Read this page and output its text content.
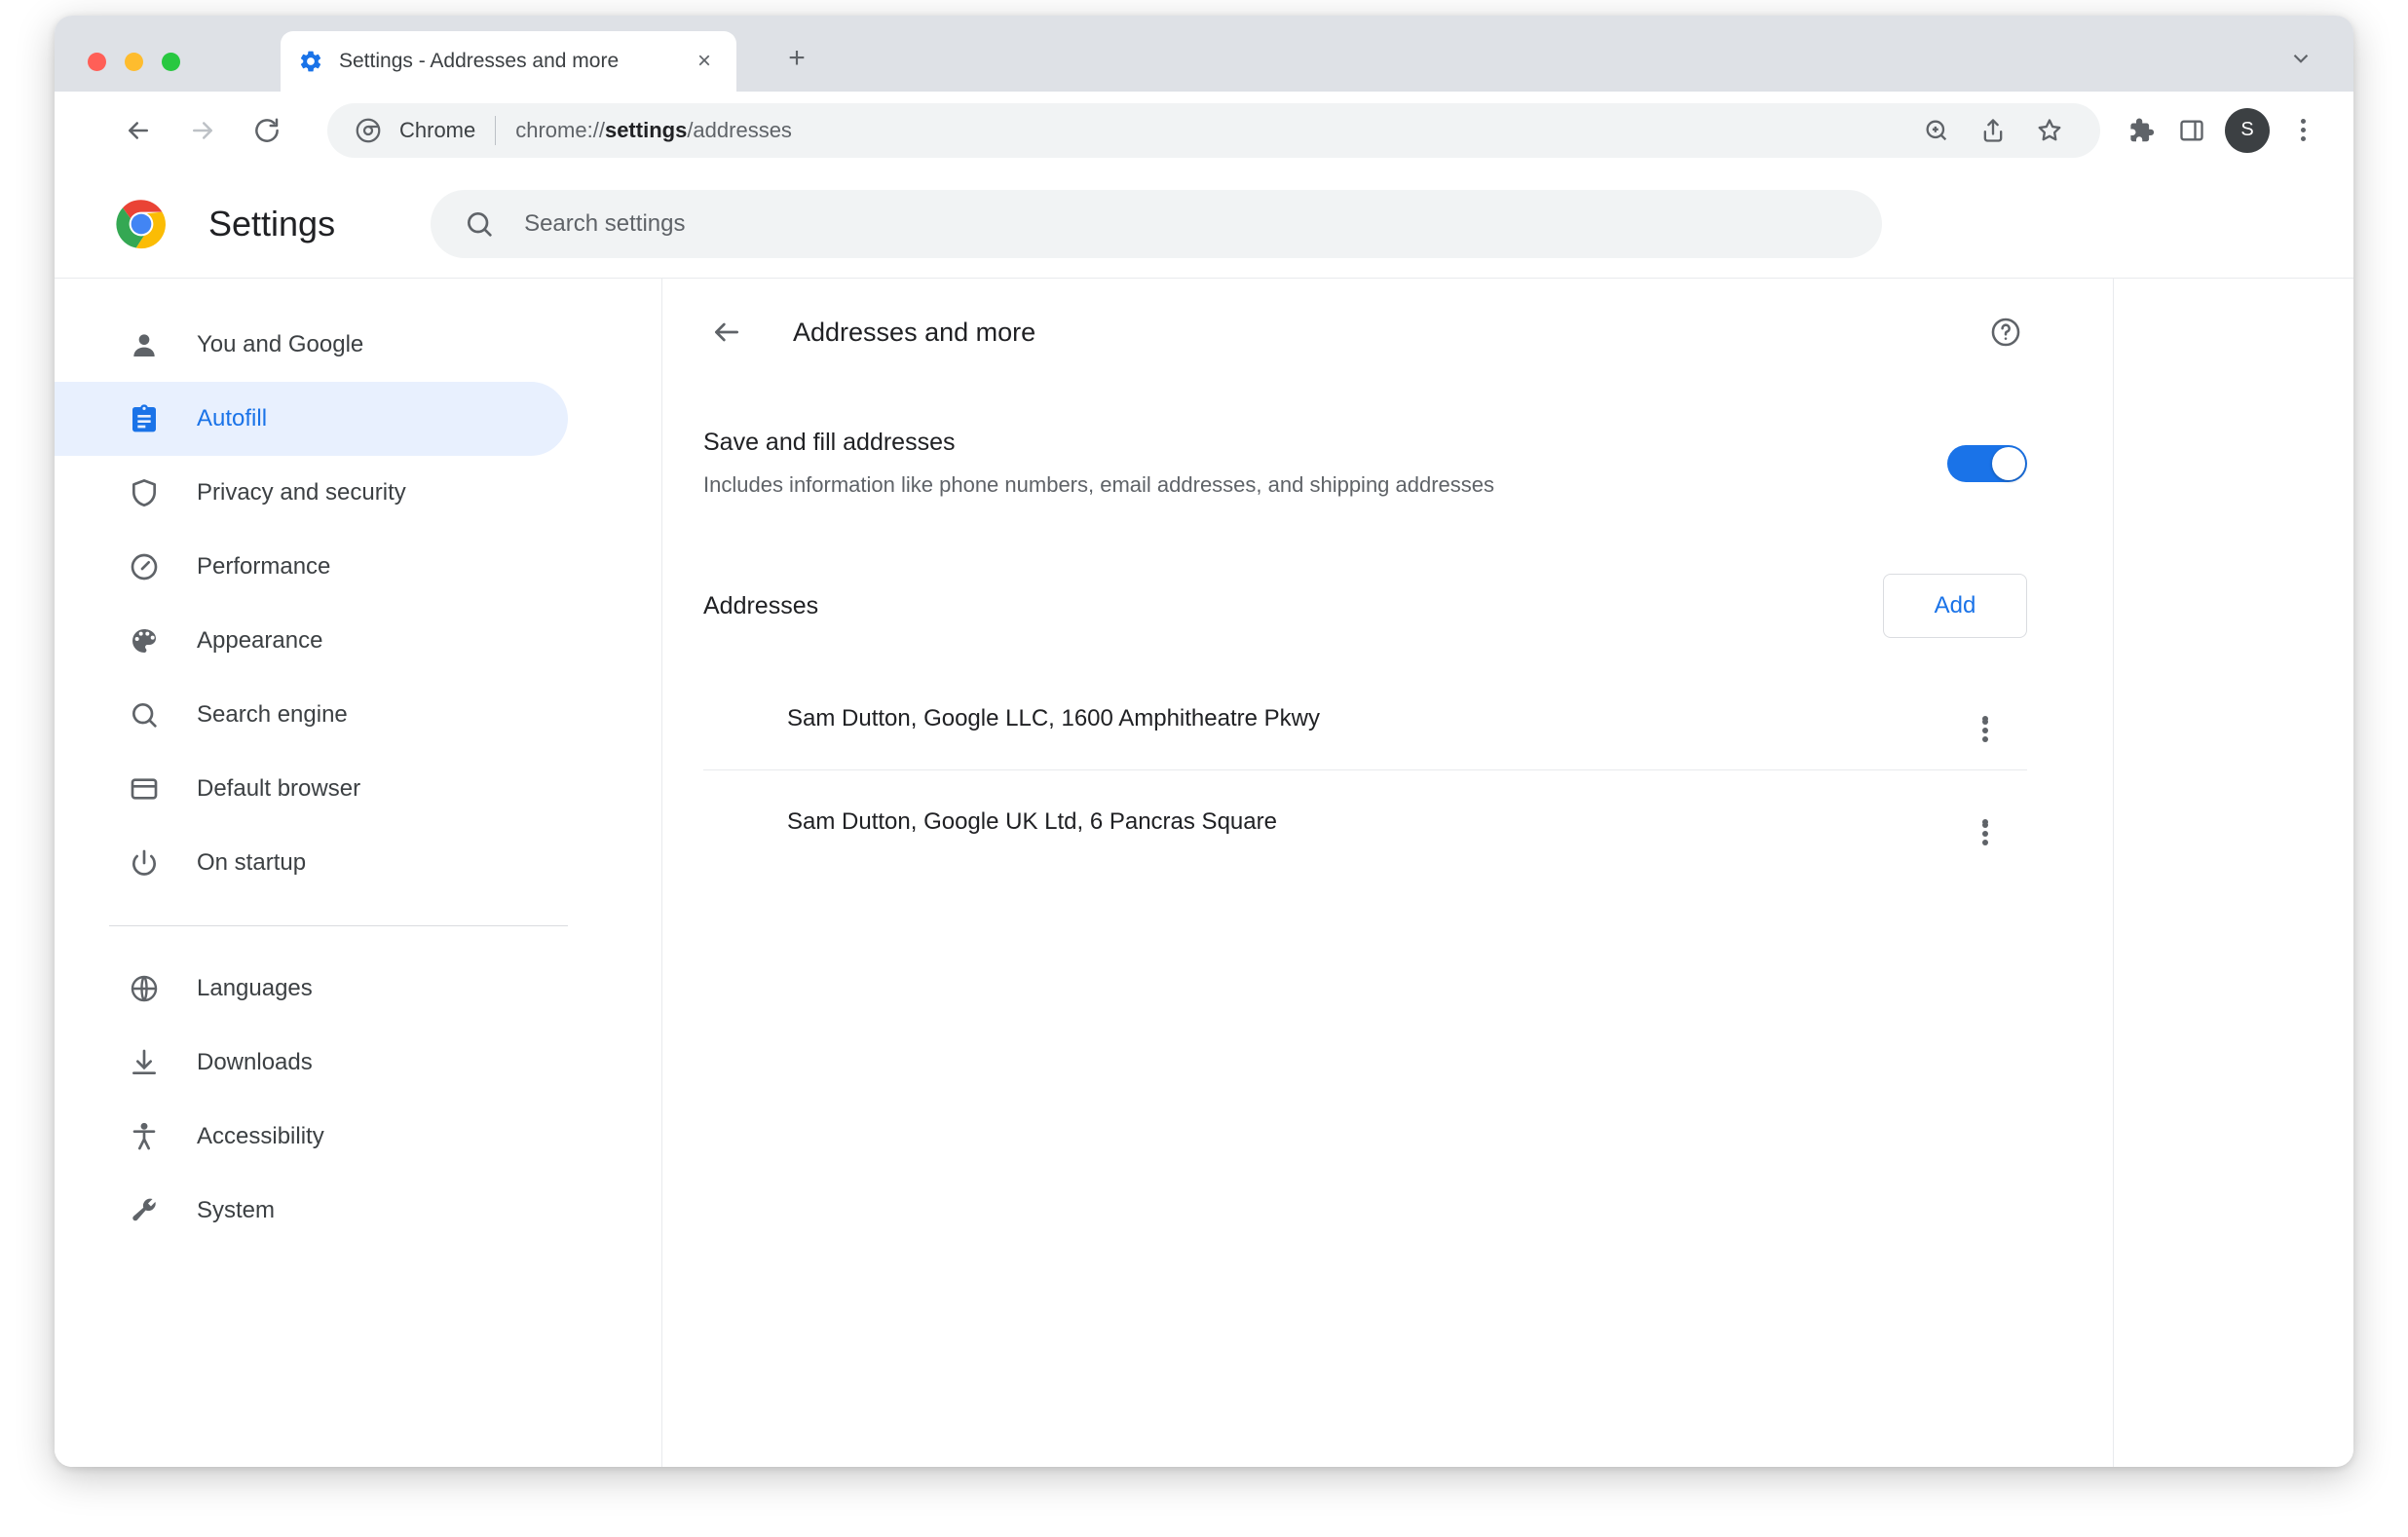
Settings - Addresses and more	×	+
Chrome chrome://settings/addresses	S
Settings
Search settings
You and Google
Autofill
Privacy and security
Performance
Appearance
Search engine
Default browser
On startup
Languages
Downloads
Accessibility
System
Addresses and more
Save and fill addresses
Includes information like phone numbers, email addresses, and shipping addresses
Addresses	Add
Sam Dutton, Google LLC, 1600 Amphitheatre Pkwy
Sam Dutton, Google UK Ltd, 6 Pancras Square
